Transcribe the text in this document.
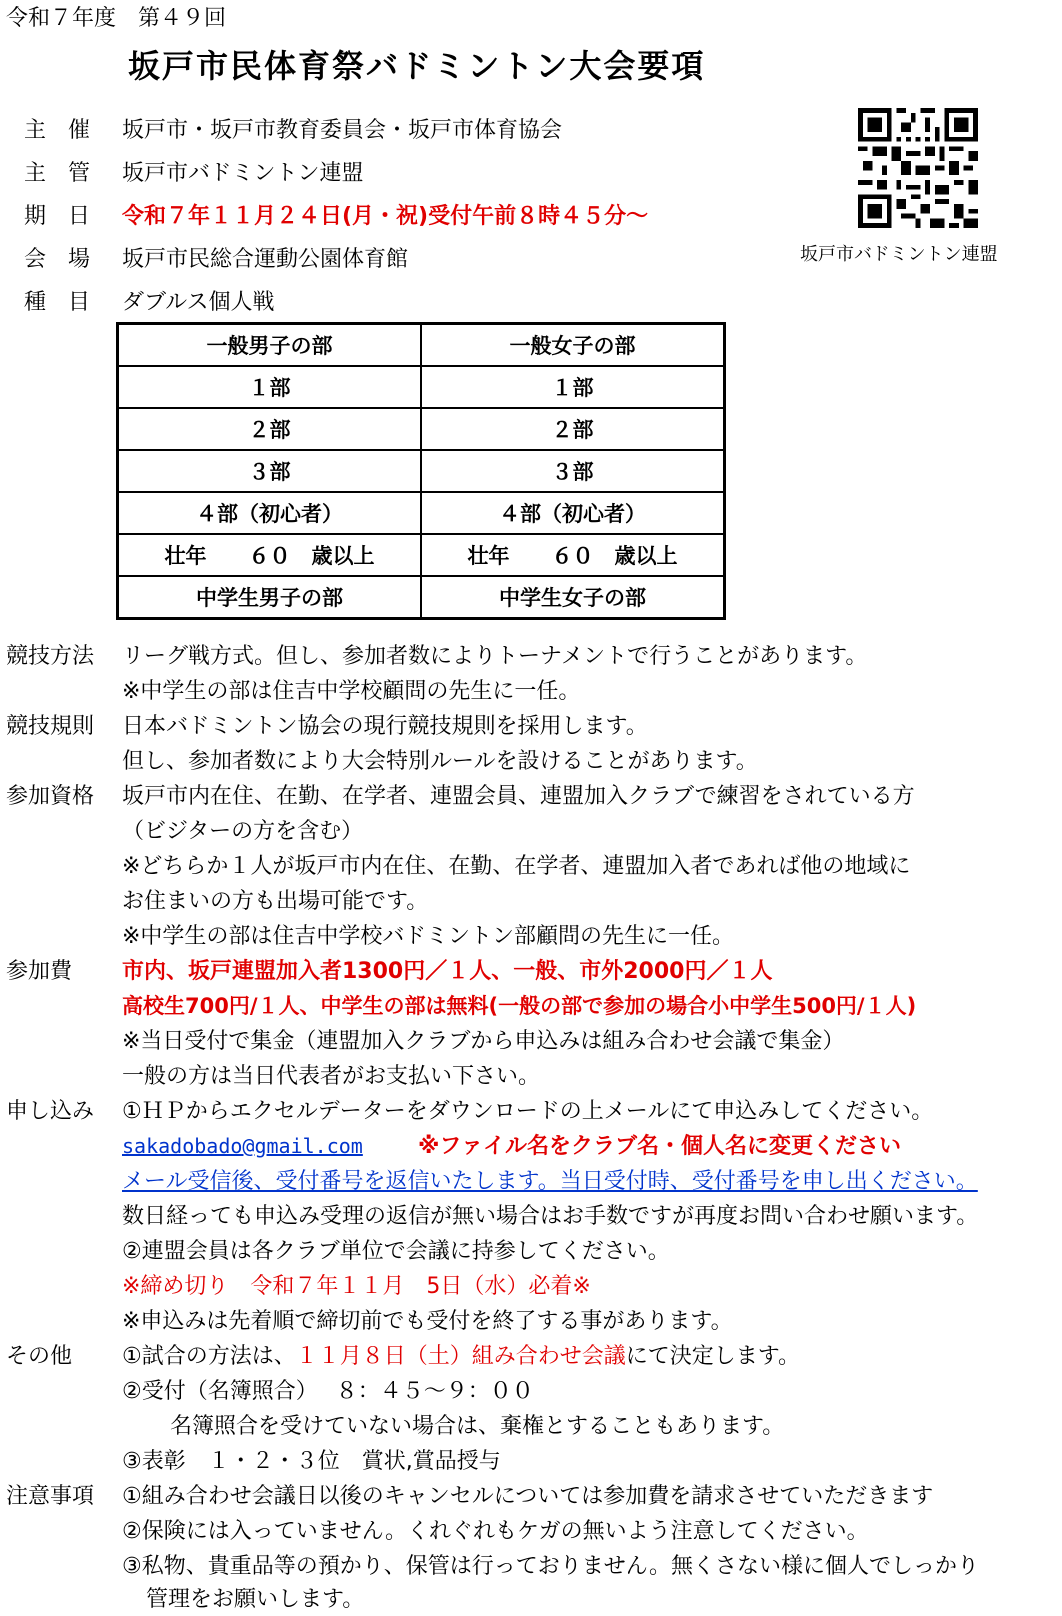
令和７年度　第４９回
坂戸市民体育祭バドミントン大会要項
主　催 坂戸市・坂戸市教育委員会・坂戸市体育協会
主　管 坂戸市バドミントン連盟
期　日 令和７年１１月２４日(月・祝)受付午前８時４５分～
会　場 坂戸市民総合運動公園体育館
種　目 ダブルス個人戦
坂戸市バドミントン連盟
一般男子の部	一般女子の部
１部	１部
２部	２部
３部	３部
４部（初心者）	４部（初心者）
壮年　　６０　歳以上	壮年　　６０　歳以上
中学生男子の部	中学生女子の部
競技方法 リーグ戦方式。但し、参加者数によりトーナメントで行うことがあります。
※中学生の部は住吉中学校顧問の先生に一任。
競技規則 日本バドミントン協会の現行競技規則を採用します。
但し、参加者数により大会特別ルールを設けることがあります。
参加資格 坂戸市内在住、在勤、在学者、連盟会員、連盟加入クラブで練習をされている方
（ビジターの方を含む）
※どちらか１人が坂戸市内在住、在勤、在学者、連盟加入者であれば他の地域に
お住まいの方も出場可能です。
※中学生の部は住吉中学校バドミントン部顧問の先生に一任。
参加費 市内、坂戸連盟加入者1300円／１人、一般、市外2000円／１人
高校生700円/１人、中学生の部は無料(一般の部で参加の場合小中学生500円/１人)
※当日受付で集金（連盟加入クラブから申込みは組み合わせ会議で集金）
一般の方は当日代表者がお支払い下さい。
申し込み ①ＨＰからエクセルデーターをダウンロードの上メールにて申込みしてください。
sakadobado@gmail.com	※ファイル名をクラブ名・個人名に変更ください
メール受信後、受付番号を返信いたします。当日受付時、受付番号を申し出ください。
数日経っても申込み受理の返信が無い場合はお手数ですが再度お問い合わせ願います。
②連盟会員は各クラブ単位で会議に持参してください。
※締め切り　令和７年１１月　5日（水）必着※
※申込みは先着順で締切前でも受付を終了する事があります。
その他 ①試合の方法は、１１月８日（土）組み合わせ会議にて決定します。
②受付（名簿照合）　 ８：４５～９：００
名簿照合を受けていない場合は、棄権とすることもあります。
③表彰　１・２・３位　賞状,賞品授与
注意事項 ①組み合わせ会議日以後のキャンセルについては参加費を請求させていただきます
②保険には入っていません。くれぐれもケガの無いよう注意してください。
③私物、貴重品等の預かり、保管は行っておりません。無くさない様に個人でしっかり
管理をお願いします。
